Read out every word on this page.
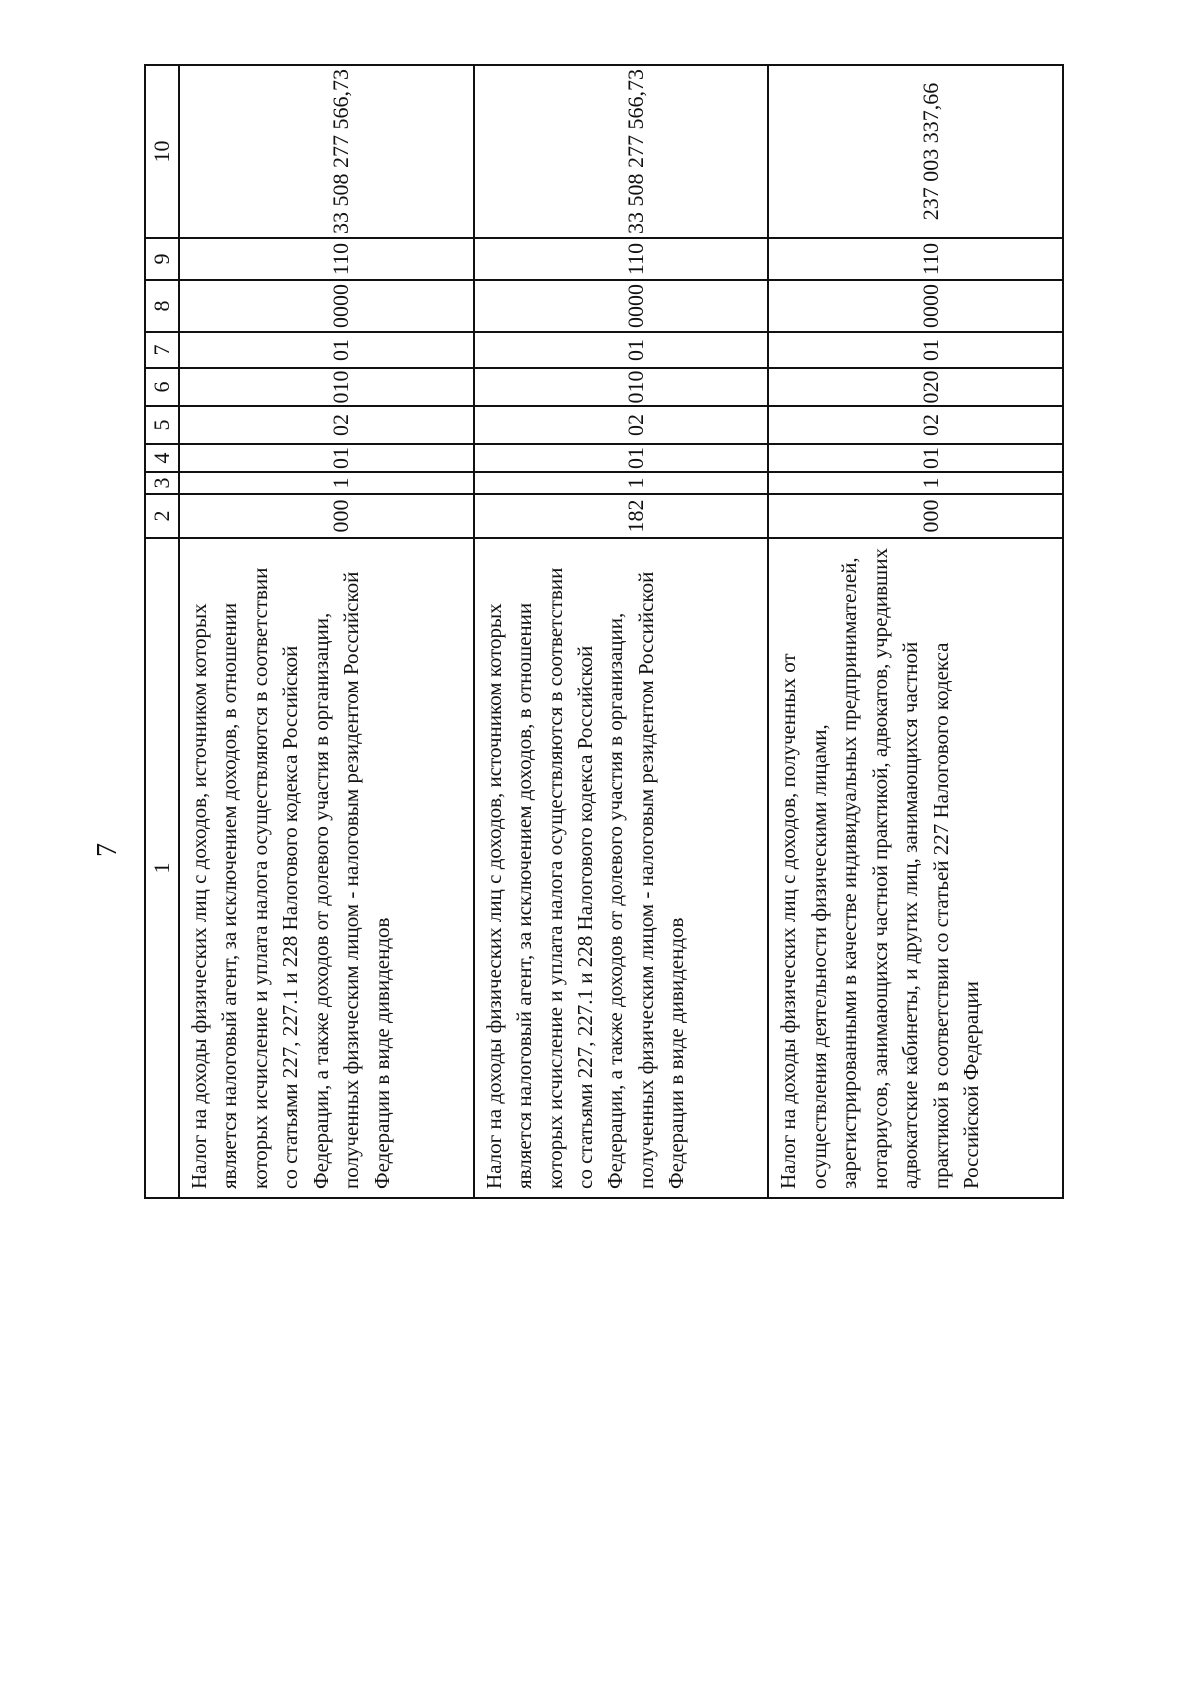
7
1	2	3	4	5	6	7	8	9	10
Налог на доходы физических лиц с доходов, источником которых является налоговый агент, за исключением доходов, в отношении которых исчисление и уплата налога осуществляются в соответствии со статьями 227, 227.1 и 228 Налогового кодекса Российской Федерации, а также доходов от долевого участия в организации, полученных физическим лицом - налоговым резидентом Российской Федерации в виде дивидендов	000	1	01	02	010	01	0000	110	33 508 277 566,73
Налог на доходы физических лиц с доходов, источником которых является налоговый агент, за исключением доходов, в отношении которых исчисление и уплата налога осуществляются в соответствии со статьями 227, 227.1 и 228 Налогового кодекса Российской Федерации, а также доходов от долевого участия в организации, полученных физическим лицом - налоговым резидентом Российской Федерации в виде дивидендов	182	1	01	02	010	01	0000	110	33 508 277 566,73
Налог на доходы физических лиц с доходов, полученных от осуществления деятельности физическими лицами, зарегистрированными в качестве индивидуальных предпринимателей, нотариусов, занимающихся частной практикой, адвокатов, учредивших адвокатские кабинеты, и других лиц, занимающихся частной практикой в соответствии со статьей 227 Налогового кодекса Российской Федерации	000	1	01	02	020	01	0000	110	237 003 337,66
